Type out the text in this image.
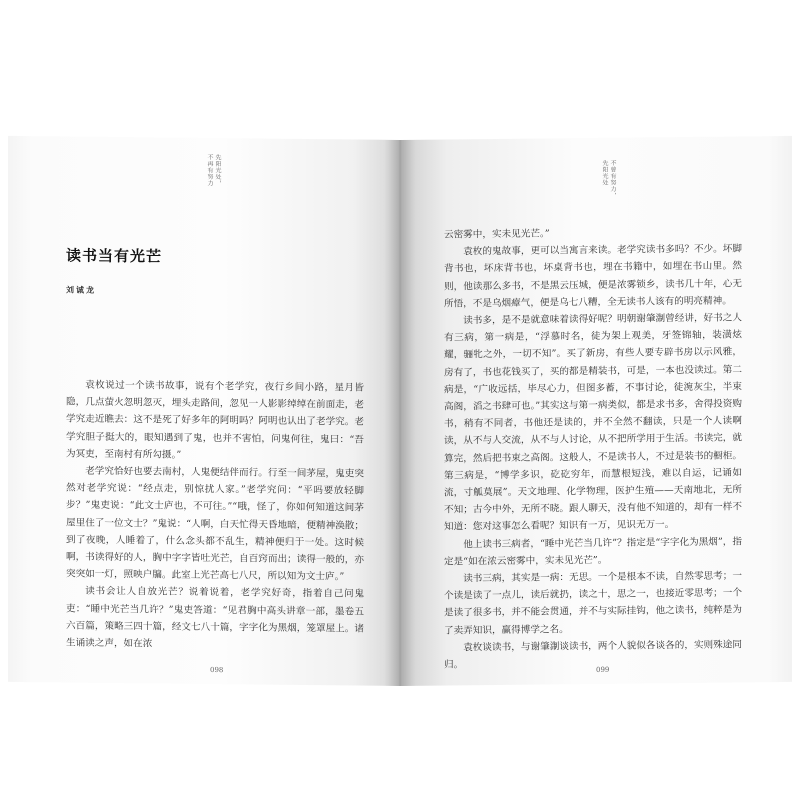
先阳光处，
不再有努力
读书当有光芒
刘诚龙

袁枚说过一个读书故事，说有个老学究，夜行乡间小路，星月皆隐，几点萤火忽明忽灭，埋头走路间，忽见一人影影绰绰在前面走，老学究走近瞧去：这不是死了好多年的阿明吗？阿明也认出了老学究。老学究胆子挺大的，眼知遇到了鬼，也并不害怕，问鬼何往，鬼曰：“吾为冥吏，至南村有所勾摄。”

老学究恰好也要去南村，人鬼便结伴而行。行至一间茅屋，鬼吏突然对老学究说：“经点走，别惊扰人家。”老学究问：“平吗要放轻脚步？”鬼吏说：“此文士庐也，不可往。”“哦，怪了，你如何知道这间茅屋里住了一位文士？”鬼说：“人啊，白天忙得天昏地暗，便精神涣散；到了夜晚，人睡着了，什么念头都不乱生，精神便归于一处。这时候啊，书读得好的人，胸中字字皆吐光芒，自百窍而出；读得一般的，亦突突如一灯，照映户牖。此室上光芒高七八尺，所以知为文士庐。”

读书会让人自放光芒？说着说着，老学究好奇，指着自己问鬼吏：“睡中光芒当几许？”鬼吏答道：“见君胸中高头讲章一部，墨卷五六百篇，策略三四十篇，经文七八十篇，字字化为黑烟，笼罩屋上。诸生诵读之声，如在浓

098
不曾有努力，
先阳光处

云密雾中，实未见光芒。”

袁枚的鬼故事，更可以当寓言来读。老学究读书多吗？不少。坏脚背书也，坏床背书也，坏桌背书也，埋在书籍中，如埋在书山里。然则，他读那么多书，不是黑云压城，便是浓雾锁乡，读书几十年，心无所悟，不是乌烟瘴气，便是乌七八糟，全无读书人该有的明亮精神。

读书多，是不是就意味着读得好呢？明朝谢肇淛曾经讲，好书之人有三病，第一病是，“浮慕时名，徒为架上观美，牙签锦轴，装潢炫耀，骊牝之外，一切不知”。买了新房，有些人要专辟书房以示风雅，房有了，书也花钱买了，买的都是精装书，可是，一本也没读过。第二病是，“广收远括，毕尽心力，但图多蓄，不事讨论，徒涴灰尘，半束高阁，滔之书肆可也。”其实这与第一病类似，都是求书多，舍得投资购书，稍有不同者，书他还是读的，并不全然不翻读，只是一个人读啊读，从不与人交流，从不与人讨论，从不把所学用于生活。书读完，就算完，然后把书束之高阁。这般人，不是读书人，不过是装书的橱柜。第三病是，“博学多识，矻矻穷年，而慧根短浅，难以自运，记诵如流，寸觚莫展”。天文地理、化学物理，医护生殖——天南地北，无所不知；古今中外，无所不晓。跟人聊天，没有他不知道的，却有一样不知道：您对这事怎么看呢？知识有一万，见识无万一。

他上读书三病者，“睡中光芒当几许”？指定是“字字化为黑烟”，指定是“如在浓云密雾中，实未见光芒”。

读书三病，其实是一病：无思。一个是根本不读，自然零思考；一个读是读了一点儿，读后就扔，读之十，思之一，也接近零思考；一个是读了很多书，并不能会贯通，并不与实际挂钩，他之读书，纯粹是为了卖弄知识，赢得博学之名。

袁枚谈读书，与谢肇淛谈读书，两个人貌似各谈各的，实则殊途同归。	099
